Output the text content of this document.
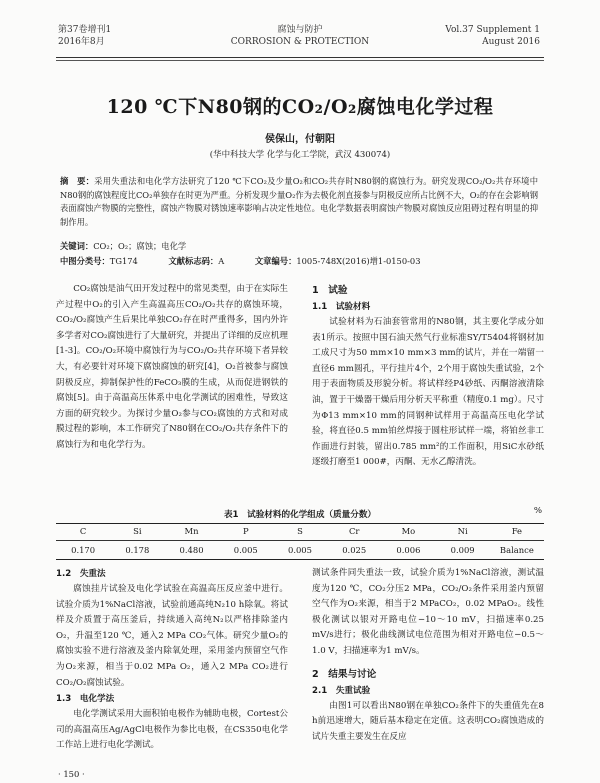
第37卷增刊1
2016年8月
腐蚀与防护
CORROSION & PROTECTION
Vol.37 Supplement 1
August 2016
120 ℃下N80钢的CO₂/O₂腐蚀电化学过程
侯保山，付朝阳
(华中科技大学 化学与化工学院，武汉 430074)
摘　要：采用失重法和电化学方法研究了120 ℃下CO₂及少量O₂和CO₂共存时N80钢的腐蚀行为。研究发现CO₂/O₂共存环境中N80钢的腐蚀程度比CO₂单独存在时更为严重。分析发现少量O₂作为去极化剂直接参与阴极反应所占比例不大，O₂的存在会影响钢表面腐蚀产物膜的完整性，腐蚀产物膜对锈蚀速率影响占决定性地位。电化学数据表明腐蚀产物膜对腐蚀反应阻碍过程有明显的抑制作用。
关键词：CO₂；O₂；腐蚀；电化学
中图分类号：TG174	文献标志码：A	文章编号：1005-748X(2016)增1-0150-03

CO₂腐蚀是油气田开发过程中的常见类型，由于在实际生产过程中O₂的引入产生高温高压CO₂/O₂共存的腐蚀环境，CO₂/O₂腐蚀产生后果比单独CO₂存在时严重得多，国内外许多学者对CO₂腐蚀进行了大量研究，并提出了详细的反应机理[1-3]。CO₂/O₂环境中腐蚀行为与CO₂/O₂共存环境下者异较大，有必要针对环境下腐蚀腐蚀的研究[4]，O₂首被参与腐蚀阴极反应，抑制保护性的FeCO₃膜的生成，从而促进钢铁的腐蚀[5]。由于高温高压体系中电化学测试的困难性，导致这方面的研究较少。为探讨少量O₂参与CO₂腐蚀的方式和对成膜过程的影响，本工作研究了N80钢在CO₂/O₂共存条件下的腐蚀行为和电化学行为。

1　试验
1.1　试验材料

试验材料为石油套管常用的N80钢，其主要化学成分如表1所示。按照中国石油天然气行业标准SY/T5404将钢材加工成尺寸为50 mm×10 mm×3 mm的试片，并在一端留一直径6 mm圆孔，平行挂片4个，2个用于腐蚀失重试验，2个用于表面物质及形貌分析。将试样经P4砂纸、丙酮溶液清除油，置于干燥器干燥后用分析天平称重（精度0.1 mg）。尺寸为Φ13 mm×10 mm的同钢种试样用于高温高压电化学试验，将直径0.5 mm铂丝焊接于圆柱形试样一端，将铂丝非工作面进行封装，留出0.785 mm²的工作面积，用SiC水砂纸逐级打磨至1 000#，丙酮、无水乙醇清洗。

表1　试验材料的化学组成（质量分数）	%
C	Si	Mn	P	S	Cr	Mo	Ni	Fe
0.170	0.178	0.480	0.005	0.005	0.025	0.006	0.009	Balance
1.2　失重法

腐蚀挂片试验及电化学试验在高温高压反应釜中进行。试验介质为1%NaCl溶液，试验前通高纯N₂10 h除氧。将试样及介质置于高压釜后，持续通入高纯N₂以严格排除釜内O₂，升温至120 ℃，通入2 MPa CO₂气体。研究少量O₂的腐蚀实验不进行溶液及釜内除氧处理，采用釜内预留空气作为O₂来源，相当于0.02 MPa O₂，通入2 MPa CO₂进行CO₂/O₂腐蚀试验。

1.3　电化学法

电化学测试采用大面积铂电极作为辅助电极，Cortest公司的高温高压Ag/AgCl电极作为参比电极，在CS350电化学工作站上进行电化学测试。

测试条件同失重法一致，试验介质为1%NaCl溶液，测试温度为120 ℃，CO₂分压2 MPa，CO₂/O₂条件采用釜内预留空气作为O₂来源，相当于2 MPaCO₂，0.02 MPaO₂。线性极化测试以银对开路电位−10～10 mV，扫描速率0.25 mV/s进行；极化曲线测试电位范围为相对开路电位−0.5～1.0 V，扫描速率为1 mV/s。

2　结果与讨论
2.1　失重试验

由图1可以看出N80钢在单独CO₂条件下的失重值先在8 h前迅速增大，随后基本稳定在定值。这表明CO₂腐蚀造成的试片失重主要发生在反应

· 150 ·
